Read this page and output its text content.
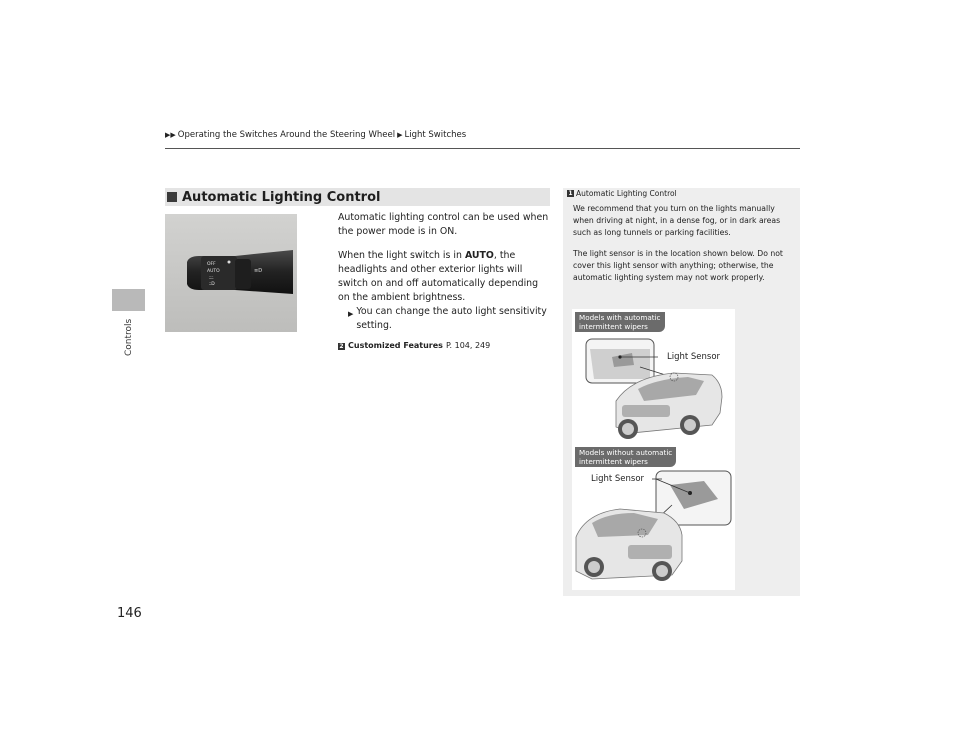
▶▶ Operating the Switches Around the Steering Wheel ▶ Light Switches
Controls
146
Automatic Lighting Control
OFF
AUTO
ﾆﾆ
ﾆD
≡D

Automatic lighting control can be used when the power mode is in ON.

When the light switch is in AUTO, the headlights and other exterior lights will switch on and off automatically depending on the ambient brightness.

▶ You can change the auto light sensitivity setting.
2 Customized Features P. 104, 249
1 Automatic Lighting Control

We recommend that you turn on the lights manually when driving at night, in a dense fog, or in dark areas such as long tunnels or parking facilities.

The light sensor is in the location shown below. Do not cover this light sensor with anything; otherwise, the automatic lighting system may not work properly.

Models with automatic
intermittent wipers
Light Sensor
Models without automatic
intermittent wipers
Light Sensor
